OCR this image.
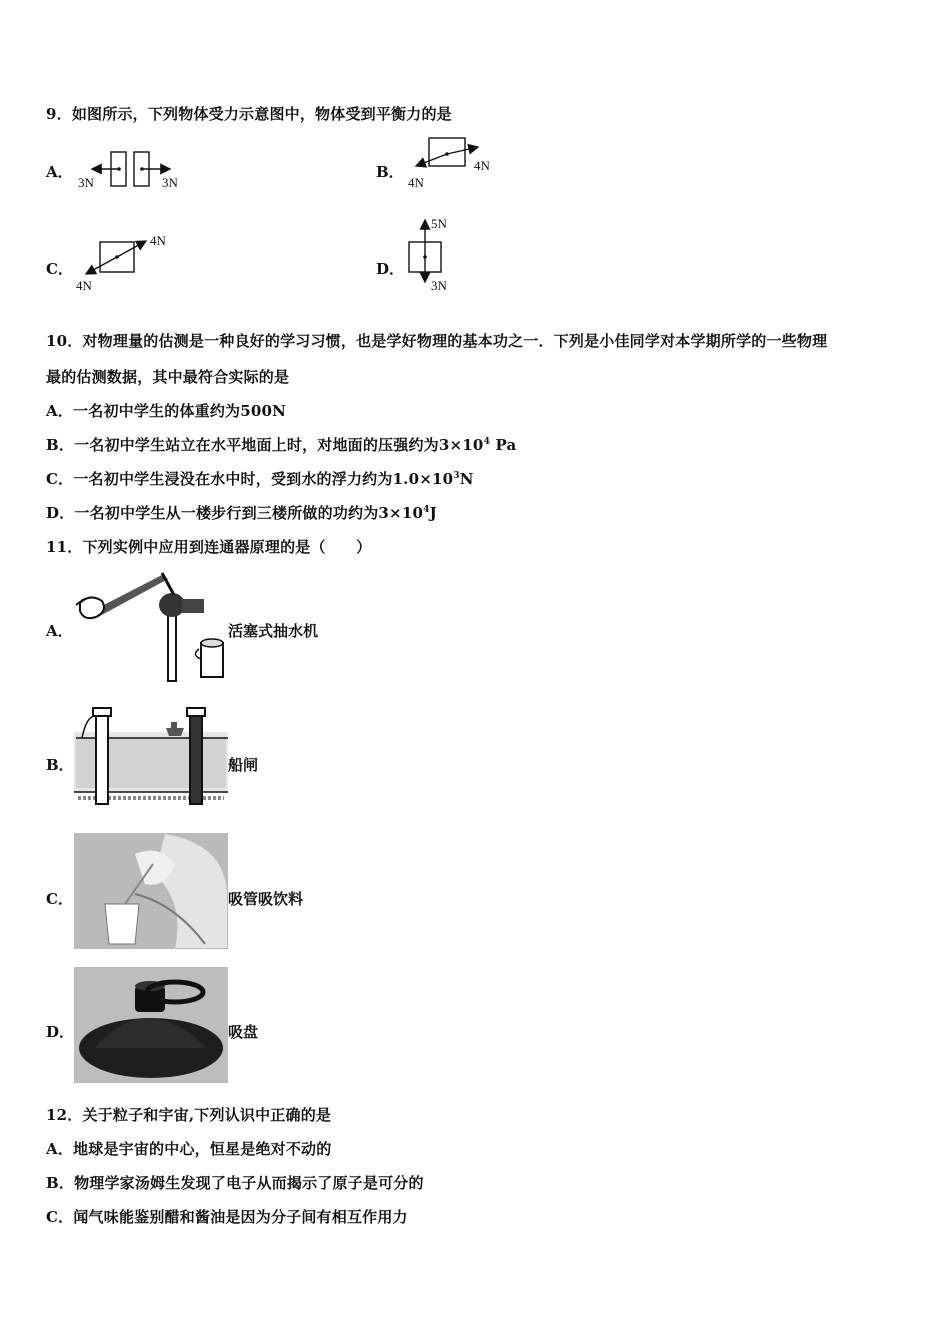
9．如图所示，下列物体受力示意图中，物体受到平衡力的是
A．
3N	3N
B．
4N
4N
C．
4N
4N
D．
5N
3N
10．对物理量的估测是一种良好的学习习惯，也是学好物理的基本功之一．下列是小佳同学对本学期所学的一些物理
最的估测数据，其中最符合实际的是
A．一名初中学生的体重约为500N
B．一名初中学生站立在水平地面上时，对地面的压强约为$3\times 10^4$ Pa
C．一名初中学生浸没在水中时，受到水的浮力约为$1.0\times 10^3N$
D．一名初中学生从一楼步行到三楼所做的功约为$3\times 10^4J$
11．下列实例中应用到连通器原理的是（　　）
A．	活塞式抽水机
B．	船闸
C．	吸管吸饮料
D．	吸盘
12．关于粒子和宇宙,下列认识中正确的是
A．地球是宇宙的中心，恒星是绝对不动的
B．物理学家汤姆生发现了电子从而揭示了原子是可分的
C．闻气味能鉴别醋和酱油是因为分子间有相互作用力
